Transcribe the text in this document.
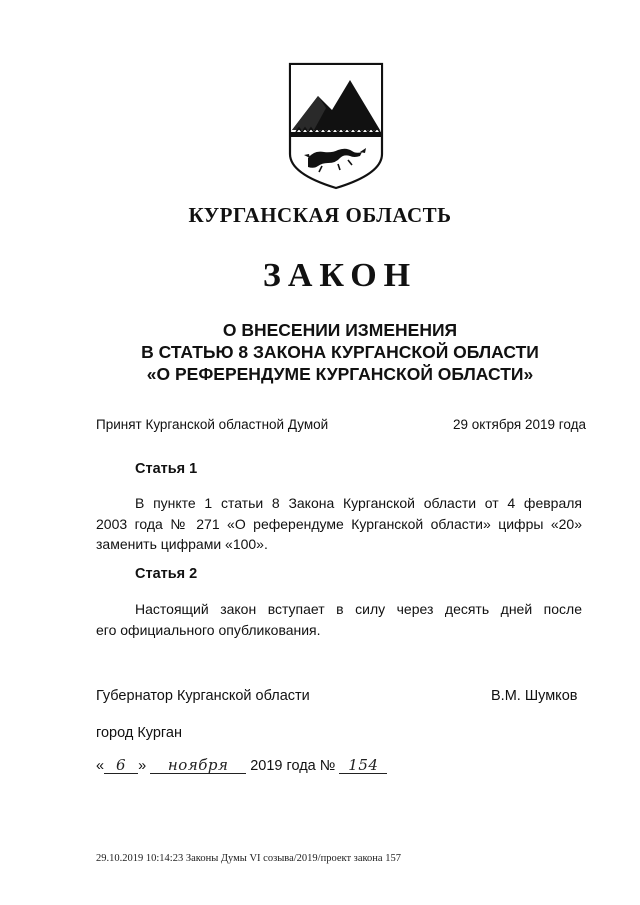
КУРГАНСКАЯ ОБЛАСТЬ
ЗАКОН
О ВНЕСЕНИИ ИЗМЕНЕНИЯ
В СТАТЬЮ 8 ЗАКОНА КУРГАНСКОЙ ОБЛАСТИ
«О РЕФЕРЕНДУМЕ КУРГАНСКОЙ ОБЛАСТИ»
Принят Курганской областной Думой	29 октября 2019 года
Статья 1
В пункте 1 статьи 8 Закона Курганской области от 4 февраля
2003 года № 271 «О референдуме Курганской области» цифры «20»
заменить цифрами «100».
Статья 2
Настоящий закон вступает в силу через десять дней после
его официального опубликования.
Губернатор Курганской области	В.М. Шумков
город Курган
« 6 » ноября 2019 года № 154
29.10.2019 10:14:23 Законы Думы VI созыва/2019/проект закона 157
